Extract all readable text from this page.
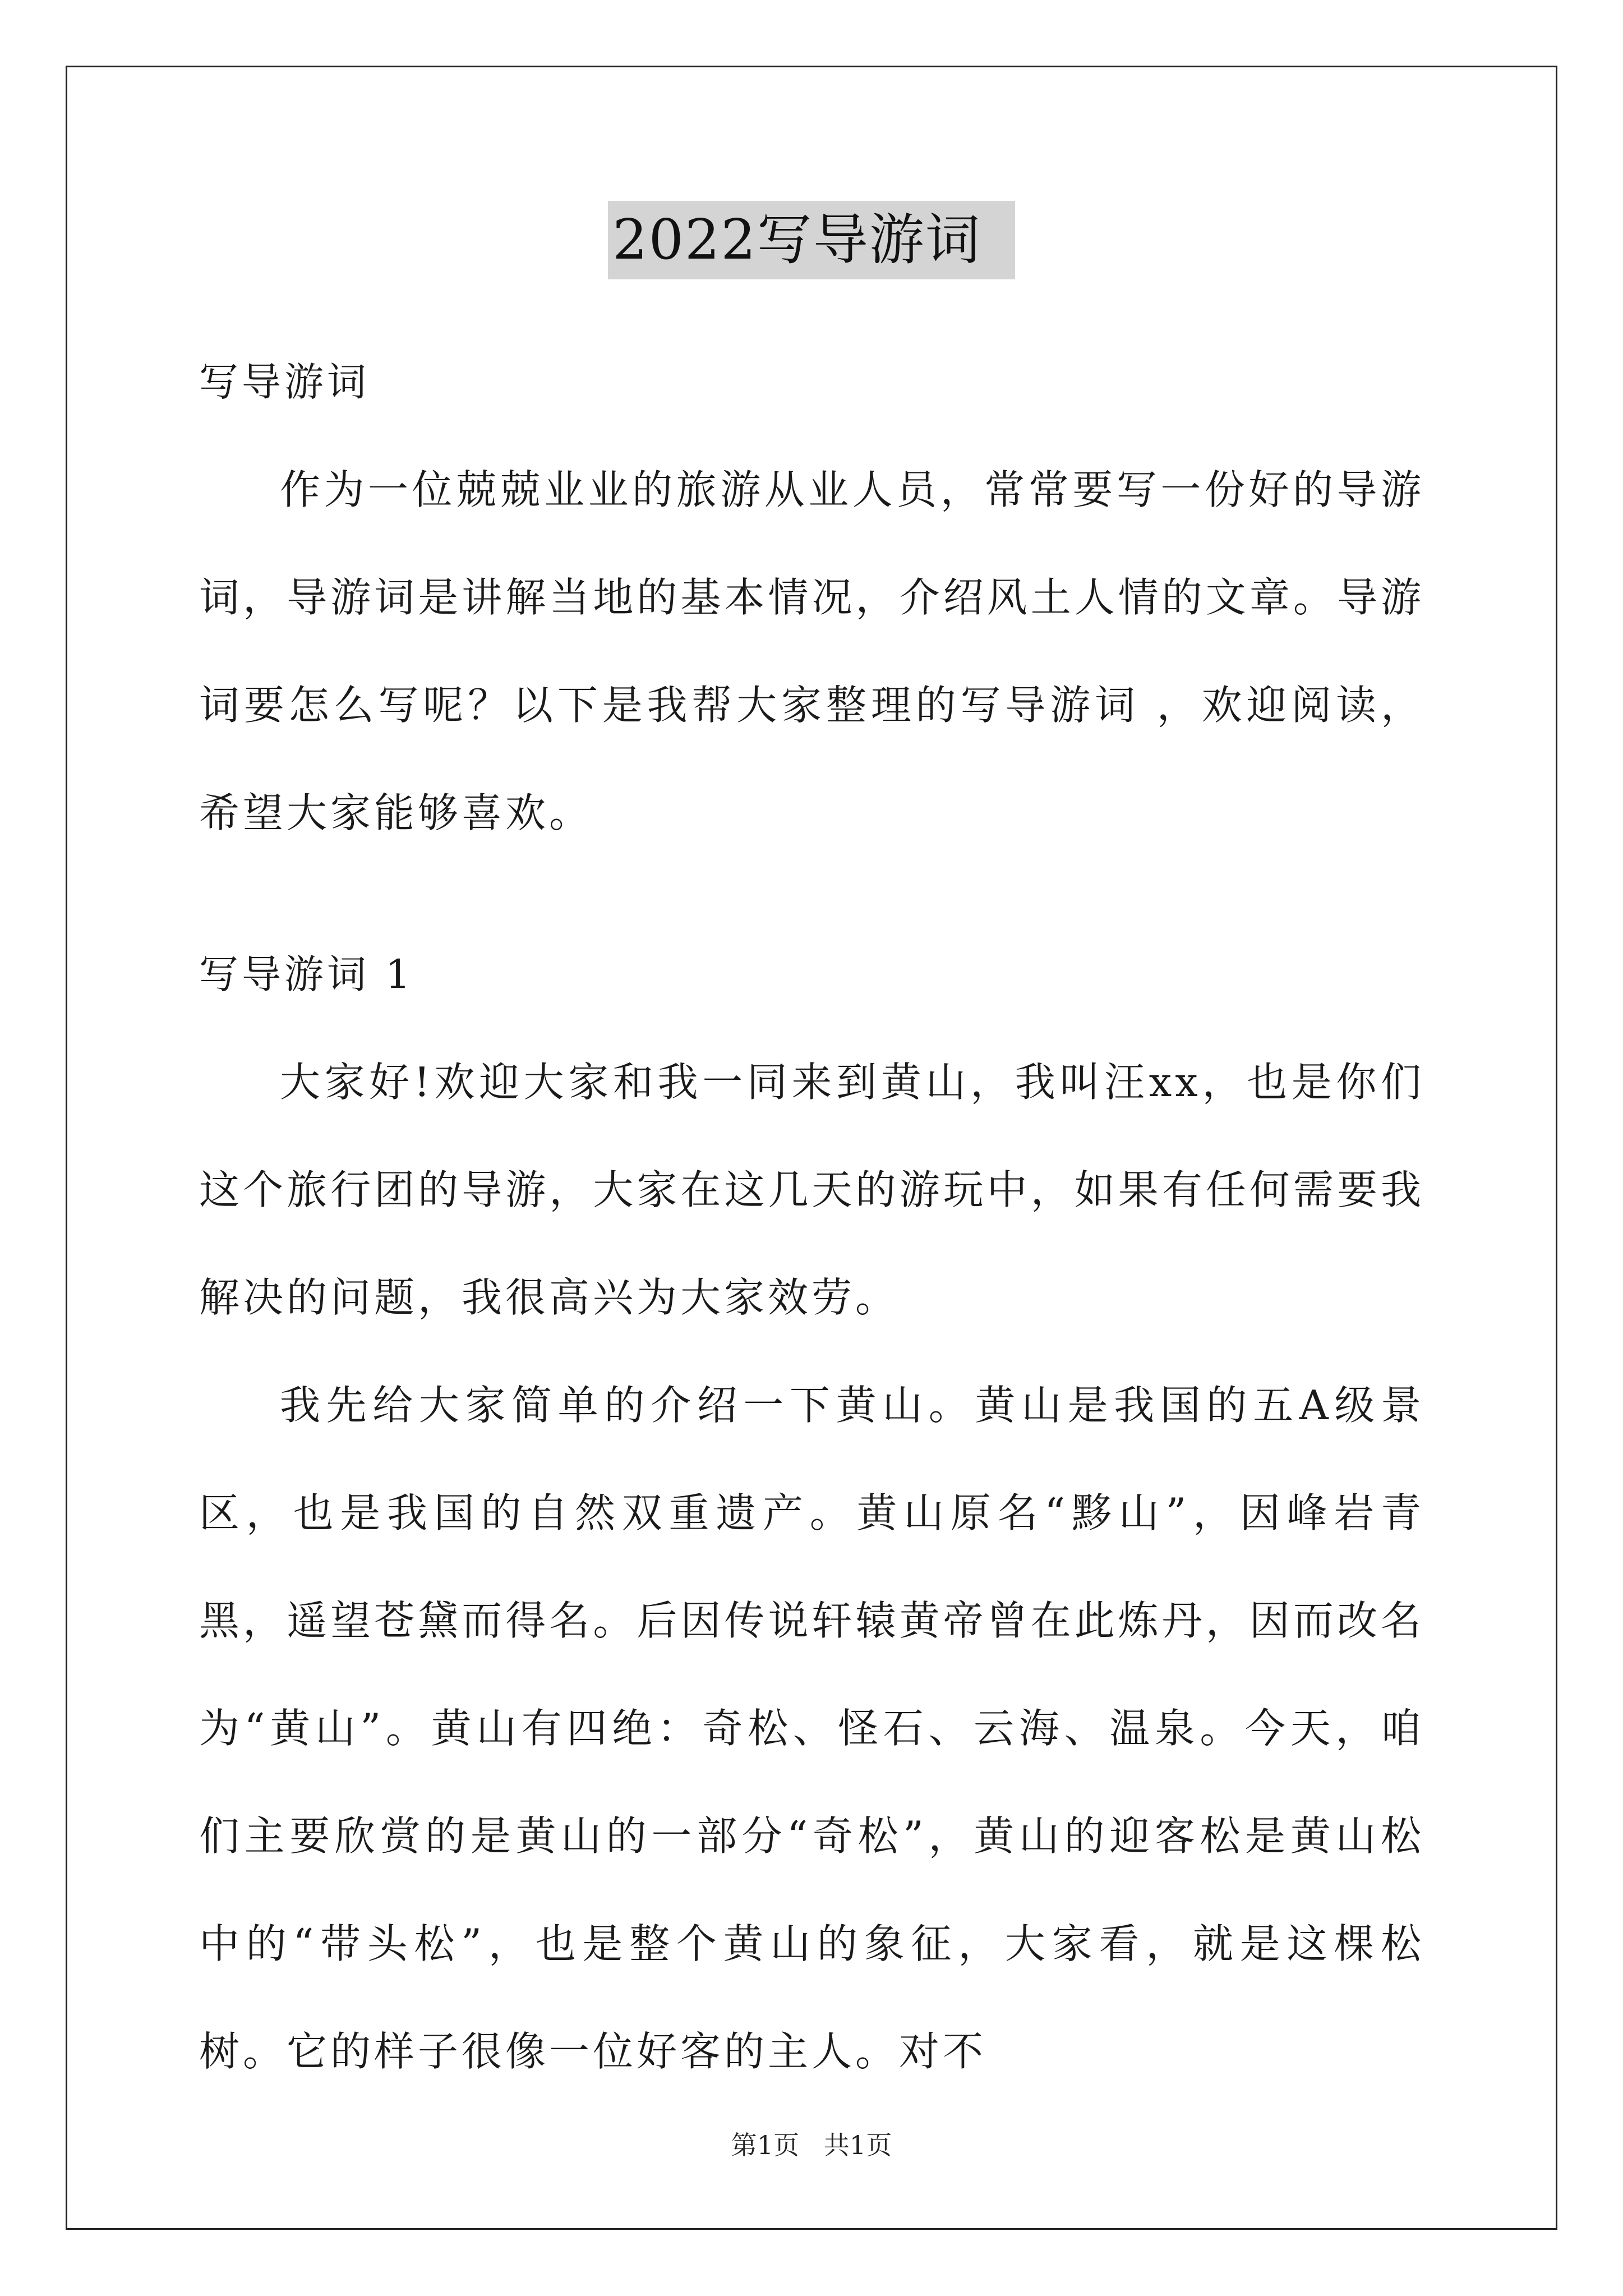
2022写导游词

写导游词

作为一位兢兢业业的旅游从业人员，常常要写一份好的导游词，导游词是讲解当地的基本情况，介绍风土人情的文章。导游词要怎么写呢？以下是我帮大家整理的写导游词 ，欢迎阅读，希望大家能够喜欢。

写导游词 1

大家好!欢迎大家和我一同来到黄山，我叫汪xx，也是你们这个旅行团的导游，大家在这几天的游玩中，如果有任何需要我解决的问题，我很高兴为大家效劳。

我先给大家简单的介绍一下黄山。黄山是我国的五A级景区，也是我国的自然双重遗产。黄山原名“黟山”，因峰岩青黑，遥望苍黛而得名。后因传说轩辕黄帝曾在此炼丹，因而改名为“黄山”。黄山有四绝：奇松、怪石、云海、温泉。今天，咱们主要欣赏的是黄山的一部分“奇松”，黄山的迎客松是黄山松中的“带头松”，也是整个黄山的象征，大家看，就是这棵松树。它的样子很像一位好客的主人。对不

第1页   共1页
